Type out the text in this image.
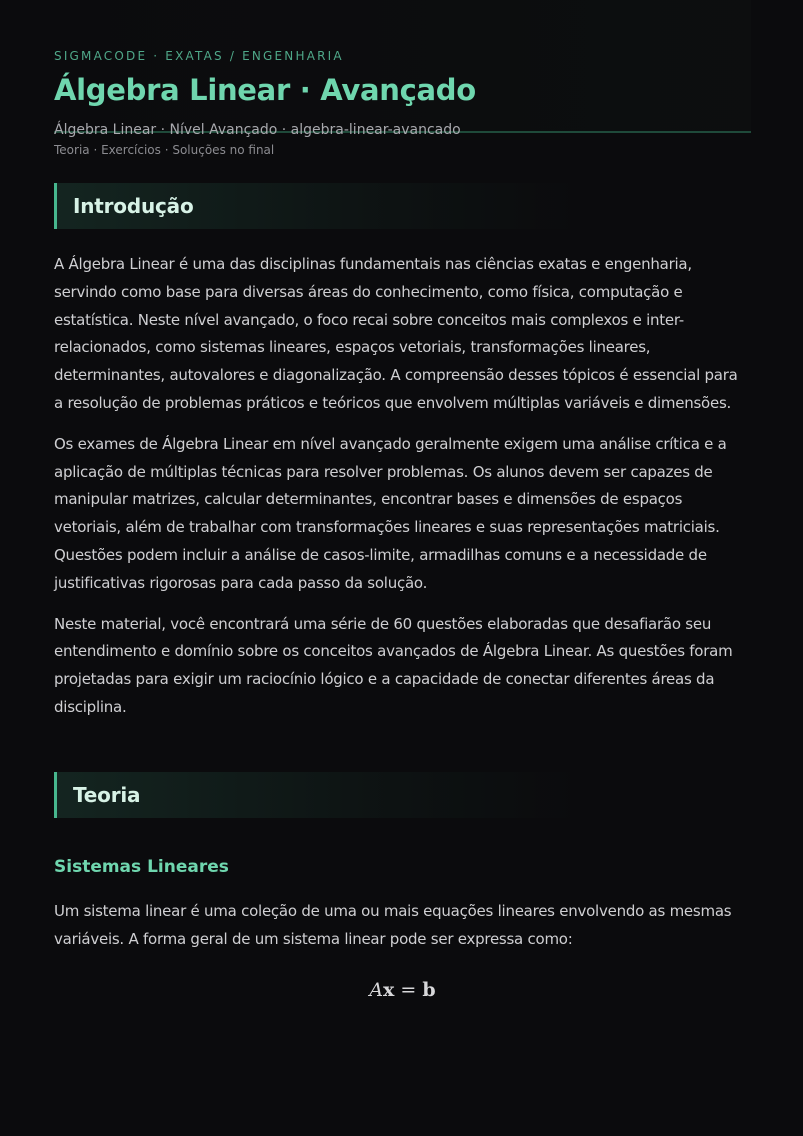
SIGMACODE · EXATAS / ENGENHARIA

Álgebra Linear · Avançado

Álgebra Linear · Nível Avançado · algebra-linear-avancado

Teoria · Exercícios · Soluções no final

Introdução

A Álgebra Linear é uma das disciplinas fundamentais nas ciências exatas e engenharia, servindo como base para diversas áreas do conhecimento, como física, computação e estatística. Neste nível avançado, o foco recai sobre conceitos mais complexos e inter-relacionados, como sistemas lineares, espaços vetoriais, transformações lineares, determinantes, autovalores e diagonalização. A compreensão desses tópicos é essencial para a resolução de problemas práticos e teóricos que envolvem múltiplas variáveis e dimensões.

Os exames de Álgebra Linear em nível avançado geralmente exigem uma análise crítica e a aplicação de múltiplas técnicas para resolver problemas. Os alunos devem ser capazes de manipular matrizes, calcular determinantes, encontrar bases e dimensões de espaços vetoriais, além de trabalhar com transformações lineares e suas representações matriciais. Questões podem incluir a análise de casos-limite, armadilhas comuns e a necessidade de justificativas rigorosas para cada passo da solução.

Neste material, você encontrará uma série de 60 questões elaboradas que desafiarão seu entendimento e domínio sobre os conceitos avançados de Álgebra Linear. As questões foram projetadas para exigir um raciocínio lógico e a capacidade de conectar diferentes áreas da disciplina.

Teoria
Sistemas Lineares

Um sistema linear é uma coleção de uma ou mais equações lineares envolvendo as mesmas variáveis. A forma geral de um sistema linear pode ser expressa como:

Ax = b
